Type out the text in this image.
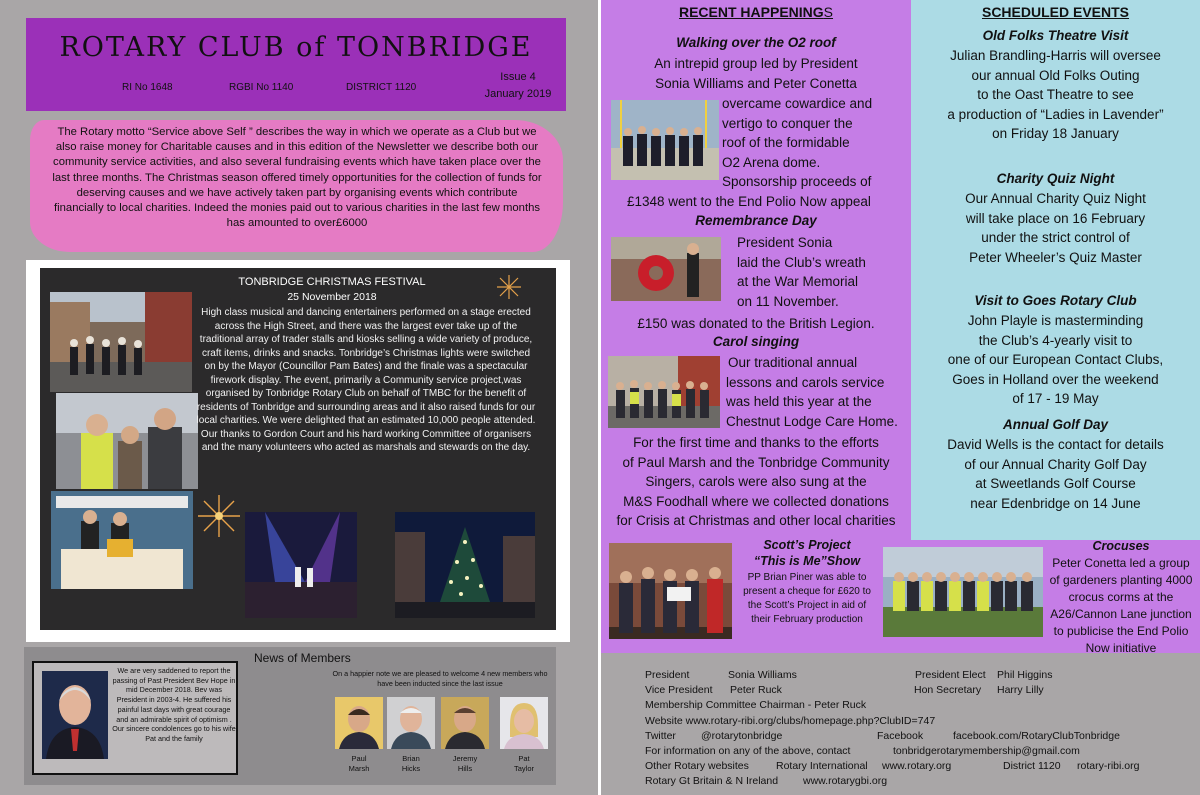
ROTARY CLUB of TONBRIDGE
RI No 1648	RGBI No 1140	DISTRICT 1120
Issue 4
January 2019
The Rotary motto “Service above Self ” describes the way in which we operate as a Club but we also raise money for Charitable causes and in this edition of the Newsletter we describe both our community service activities, and also several fundraising events which have taken place over the last three months. The Christmas season offered timely opportunities for the collection of funds for deserving causes and we have actively taken part by organising events which contribute financially to local charities. Indeed the monies paid out to various charities in the last few months has amounted to over£6000
TONBRIDGE CHRISTMAS FESTIVAL
25 November 2018
High class musical and dancing entertainers performed on a stage erected across the High Street, and there was the largest ever take up of the traditional array of trader stalls and kiosks selling a wide variety of produce, craft items, drinks and snacks. Tonbridge’s Christmas lights were switched on by the Mayor (Councillor Pam Bates) and the finale was a spectacular firework display. The event, primarily a Community service project,was organised by Tonbridge Rotary Club on behalf of TMBC for the benefit of residents of Tonbridge and surrounding areas and it also raised funds for our local charities. We were delighted that an estimated 10,000 people attended. Our thanks to Gordon Court and his hard working Committee of organisers and the many volunteers who acted as marshals and stewards on the day.
News of Members
We are very saddened to report the passing of Past President Bev Hope in mid December 2018. Bev was President in 2003-4. He suffered his painful last days with great courage and an admirable spirit of optimism . Our sincere condolences go to his wife Pat and the family
On a happier note we are pleased to welcome 4 new members who have been inducted since the last issue
Paul
Marsh
Brian
Hicks
Jeremy
Hills
Pat
Taylor
RECENT HAPPENINGS
Walking over the O2 roof
An intrepid group led by President
Sonia Williams and Peter Conetta
overcame cowardice and
vertigo to conquer the
roof of the formidable
O2 Arena dome.
Sponsorship proceeds of
£1348 went to the End Polio Now appeal
Remembrance Day
President Sonia
laid the Club’s wreath
at the War Memorial
on 11 November.
£150 was donated to the British Legion.
Carol singing
Our traditional annual
lessons and carols service
was held this year at the
Chestnut Lodge Care Home.
For the first time and thanks to the efforts
of Paul Marsh and the Tonbridge Community
Singers, carols were also sung at the
M&S Foodhall where we collected donations
for Crisis at Christmas and other local charities
Scott’s Project
“This is Me”Show
PP Brian Piner was able to present a cheque for £620 to the Scott’s Project in aid of their February production
Crocuses
Peter Conetta led a group of gardeners planting 4000 crocus corms at the A26/Cannon Lane junction to publicise the End Polio Now initiative
SCHEDULED EVENTS
Old Folks Theatre Visit
Julian Brandling-Harris will oversee
our annual Old Folks Outing
to the Oast Theatre to see
a production of “Ladies in Lavender”
on Friday 18 January
Charity Quiz Night
Our Annual Charity Quiz Night
will take place on 16 February
under the strict control of
Peter Wheeler’s Quiz Master
Visit to Goes Rotary Club
John Playle is masterminding
the Club’s 4-yearly visit to
one of our European Contact Clubs,
Goes in Holland over the weekend
of 17 - 19 May
Annual Golf Day
David Wells is the contact for details
of our Annual Charity Golf Day
at Sweetlands Golf Course
near Edenbridge on 14 June
President	Sonia Williams	President Elect Phil Higgins
Vice President Peter Ruck	Hon Secretary Harry Lilly
Membership Committee Chairman - Peter Ruck
Website www.rotary-ribi.org/clubs/homepage.php?ClubID=747
Twitter @rotarytonbridge	Facebook	facebook.com/RotaryClubTonbridge
For information on any of the above, contact	tonbridgerotarymembership@gmail.com
Other Rotary websites	Rotary International www.rotary.org	District 1120 rotary-ribi.org
Rotary Gt Britain & N Ireland www.rotarygbi.org
